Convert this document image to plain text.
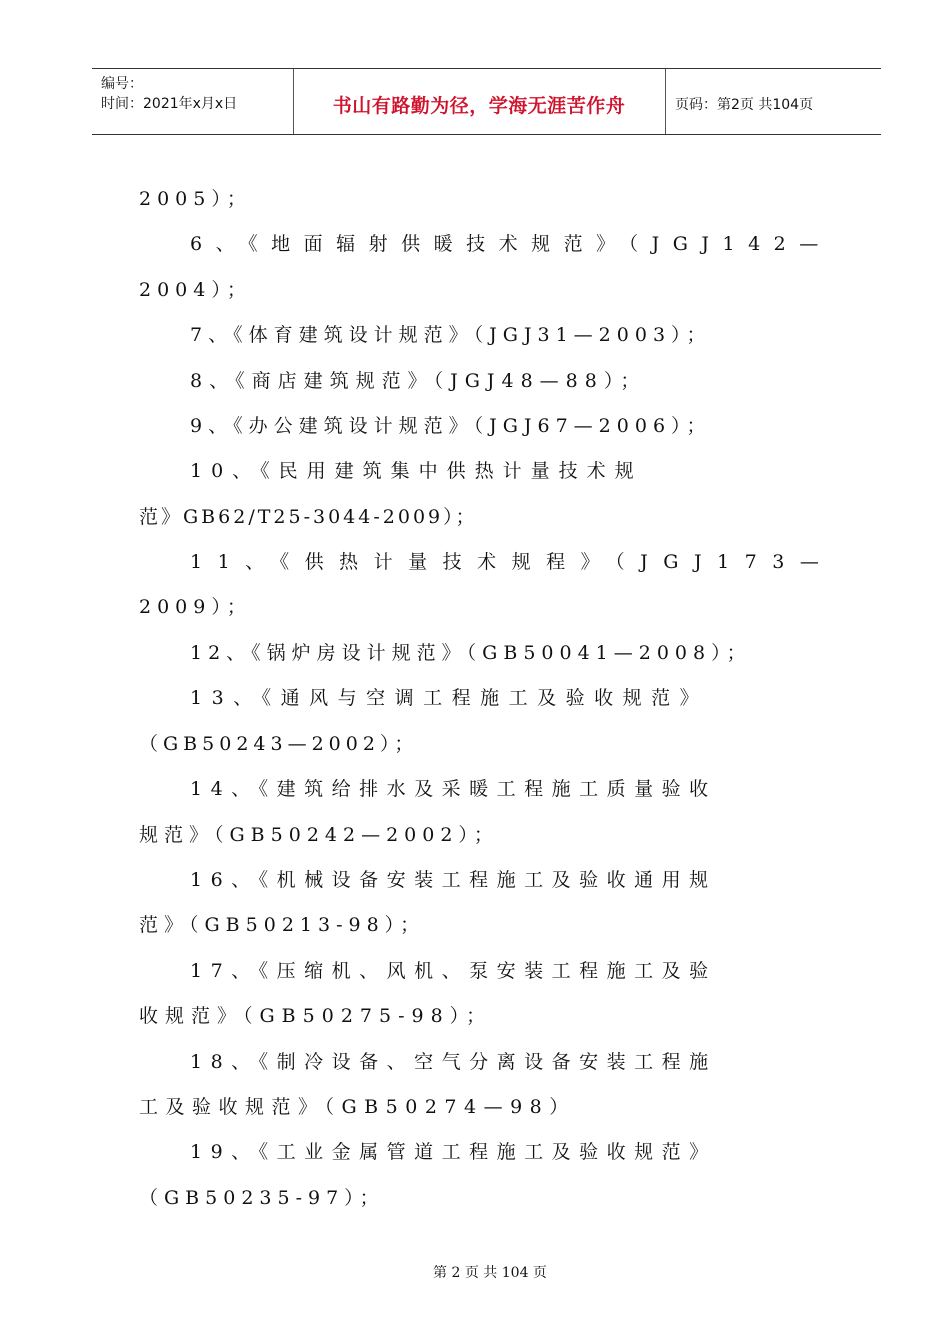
编号：
时间：2021年x月x日	书山有路勤为径，学海无涯苦作舟	页码：第2页 共104页
2005）；
6、《地面辐射供暖技术规范》（JGJ142—
2004）；
7、《体育建筑设计规范》（JGJ31—2003）；
8、《商店建筑规范》（JGJ48—88）；
9、《办公建筑设计规范》（JGJ67—2006）；
10、《民用建筑集中供热计量技术规
范》GB62/T25-3044-2009）；
11、《供热计量技术规程》（JGJ173—
2009）；
12、《锅炉房设计规范》（GB50041—2008）；
13、《通风与空调工程施工及验收规范》
（GB50243—2002）；
14、《建筑给排水及采暖工程施工质量验收
规范》（GB50242—2002）；
16、《机械设备安装工程施工及验收通用规
范》（GB50213-98）；
17、《压缩机、风机、泵安装工程施工及验
收规范》（GB50275-98）；
18、《制冷设备、空气分离设备安装工程施
工及验收规范》（GB50274—98）
19、《工业金属管道工程施工及验收规范》
（GB50235-97）；
第 2 页 共 104 页
